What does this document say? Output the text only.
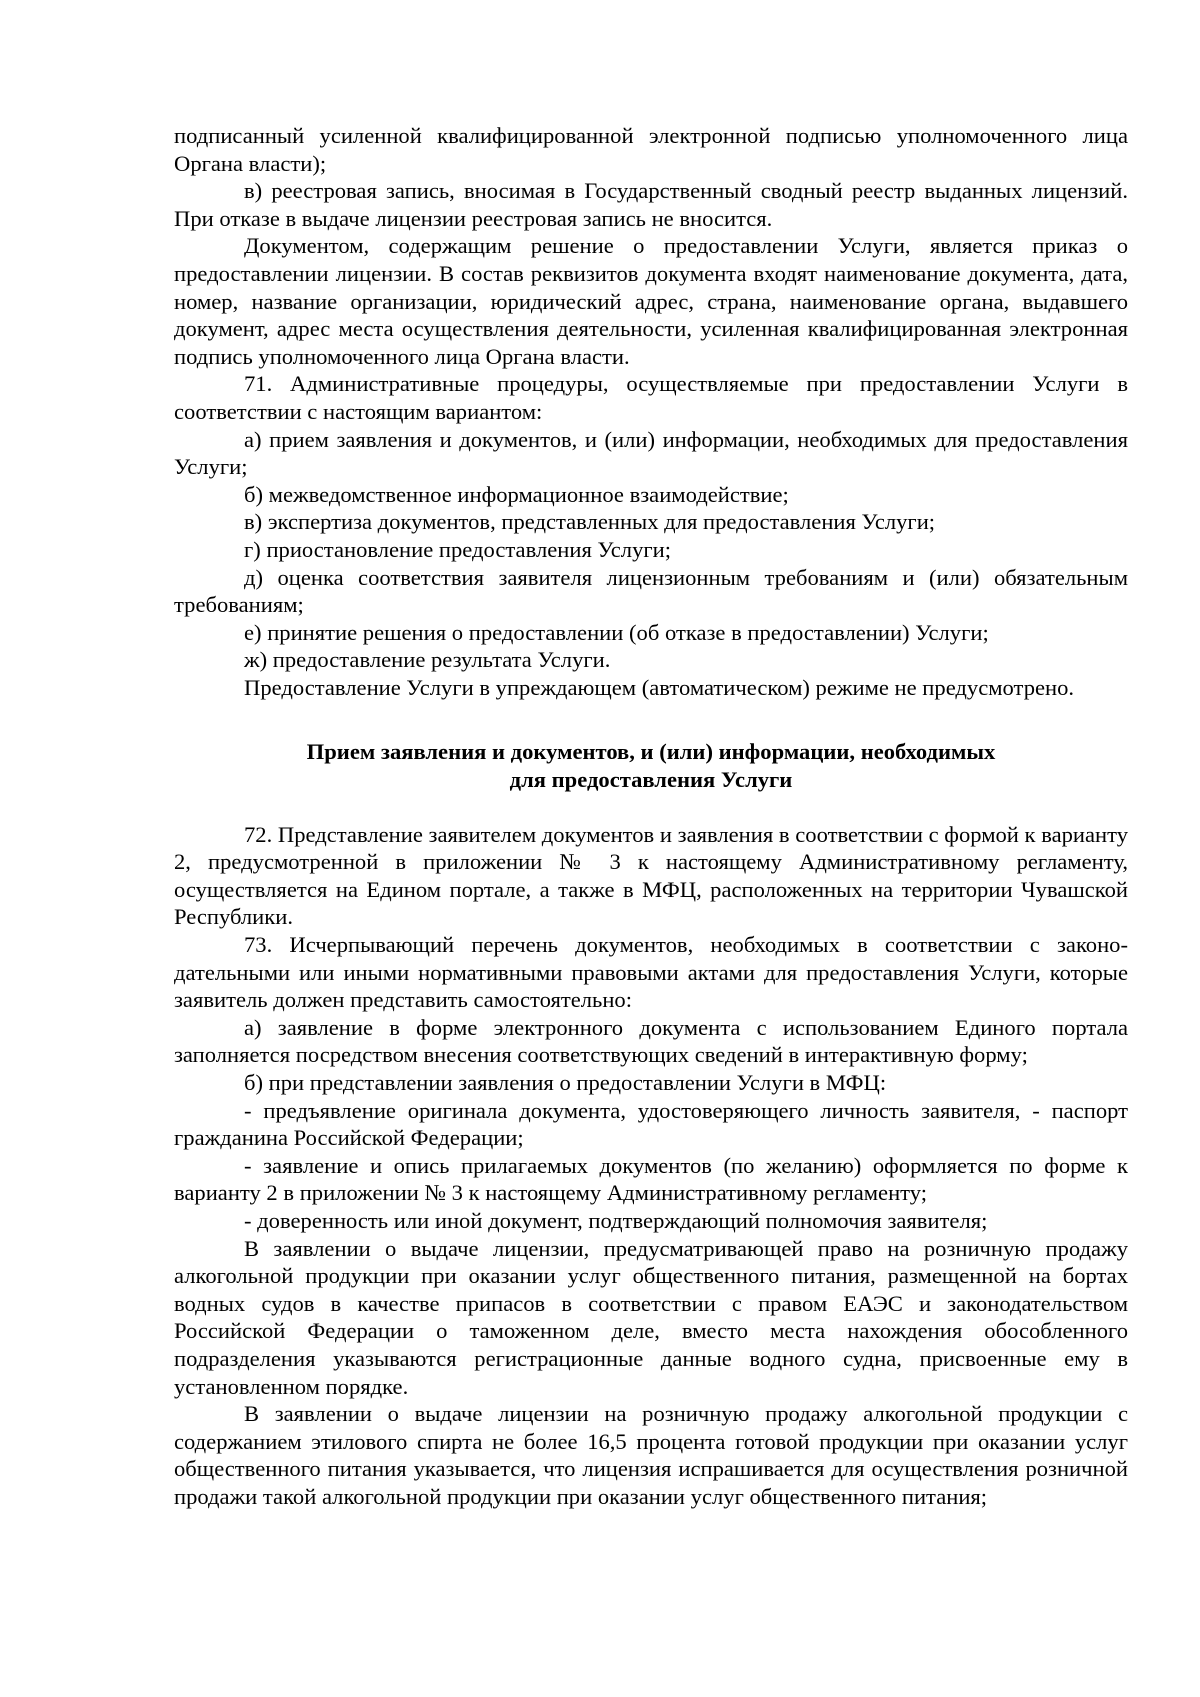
подписанный усиленной квалифицированной электронной подписью уполномоченного лица Органа власти);

в) реестровая запись, вносимая в Государственный сводный реестр выданных лицензий. При отказе в выдаче лицензии реестровая запись не вносится.

Документом, содержащим решение о предоставлении Услуги, является приказ о предоставлении лицензии. В состав реквизитов документа входят наименование документа, дата, номер, название организации, юридический адрес, страна, наименование органа, выдавшего документ, адрес места осуществления деятельности, усиленная квалифицированная электронная подпись уполномоченного лица Органа власти.

71. Административные процедуры, осуществляемые при предоставлении Услуги в соответствии с настоящим вариантом:

а) прием заявления и документов, и (или) информации, необходимых для предоставления Услуги;

б) межведомственное информационное взаимодействие;

в) экспертиза документов, представленных для предоставления Услуги;

г) приостановление предоставления Услуги;

д) оценка соответствия заявителя лицензионным требованиям и (или) обязательным требованиям;

е) принятие решения о предоставлении (об отказе в предоставлении) Услуги;

ж) предоставление результата Услуги.

Предоставление Услуги в упреждающем (автоматическом) режиме не предусмотрено.

Прием заявления и документов, и (или) информации, необходимых
для предоставления Услуги

72. Представление заявителем документов и заявления в соответствии с формой к варианту 2, предусмотренной в приложении № 3 к настоящему Административному регламенту, осуществляется на Едином портале, а также в МФЦ, расположенных на территории Чувашской Республики.

73. Исчерпывающий перечень документов, необходимых в соответствии с законодательными или иными нормативными правовыми актами для предоставления Услуги, которые заявитель должен представить самостоятельно:

а) заявление в форме электронного документа с использованием Единого портала заполняется посредством внесения соответствующих сведений в интерактивную форму;

б) при представлении заявления о предоставлении Услуги в МФЦ:

- предъявление оригинала документа, удостоверяющего личность заявителя, - паспорт гражданина Российской Федерации;

- заявление и опись прилагаемых документов (по желанию) оформляется по форме к варианту 2 в приложении № 3 к настоящему Административному регламенту;

- доверенность или иной документ, подтверждающий полномочия заявителя;

В заявлении о выдаче лицензии, предусматривающей право на розничную продажу алкогольной продукции при оказании услуг общественного питания, размещенной на бортах водных судов в качестве припасов в соответствии с правом ЕАЭС и законодательством Российской Федерации о таможенном деле, вместо места нахождения обособленного подразделения указываются регистрационные данные водного судна, присвоенные ему в установленном порядке.

В заявлении о выдаче лицензии на розничную продажу алкогольной продукции с содержанием этилового спирта не более 16,5 процента готовой продукции при оказании услуг общественного питания указывается, что лицензия испрашивается для осуществления розничной продажи такой алкогольной продукции при оказании услуг общественного питания;
